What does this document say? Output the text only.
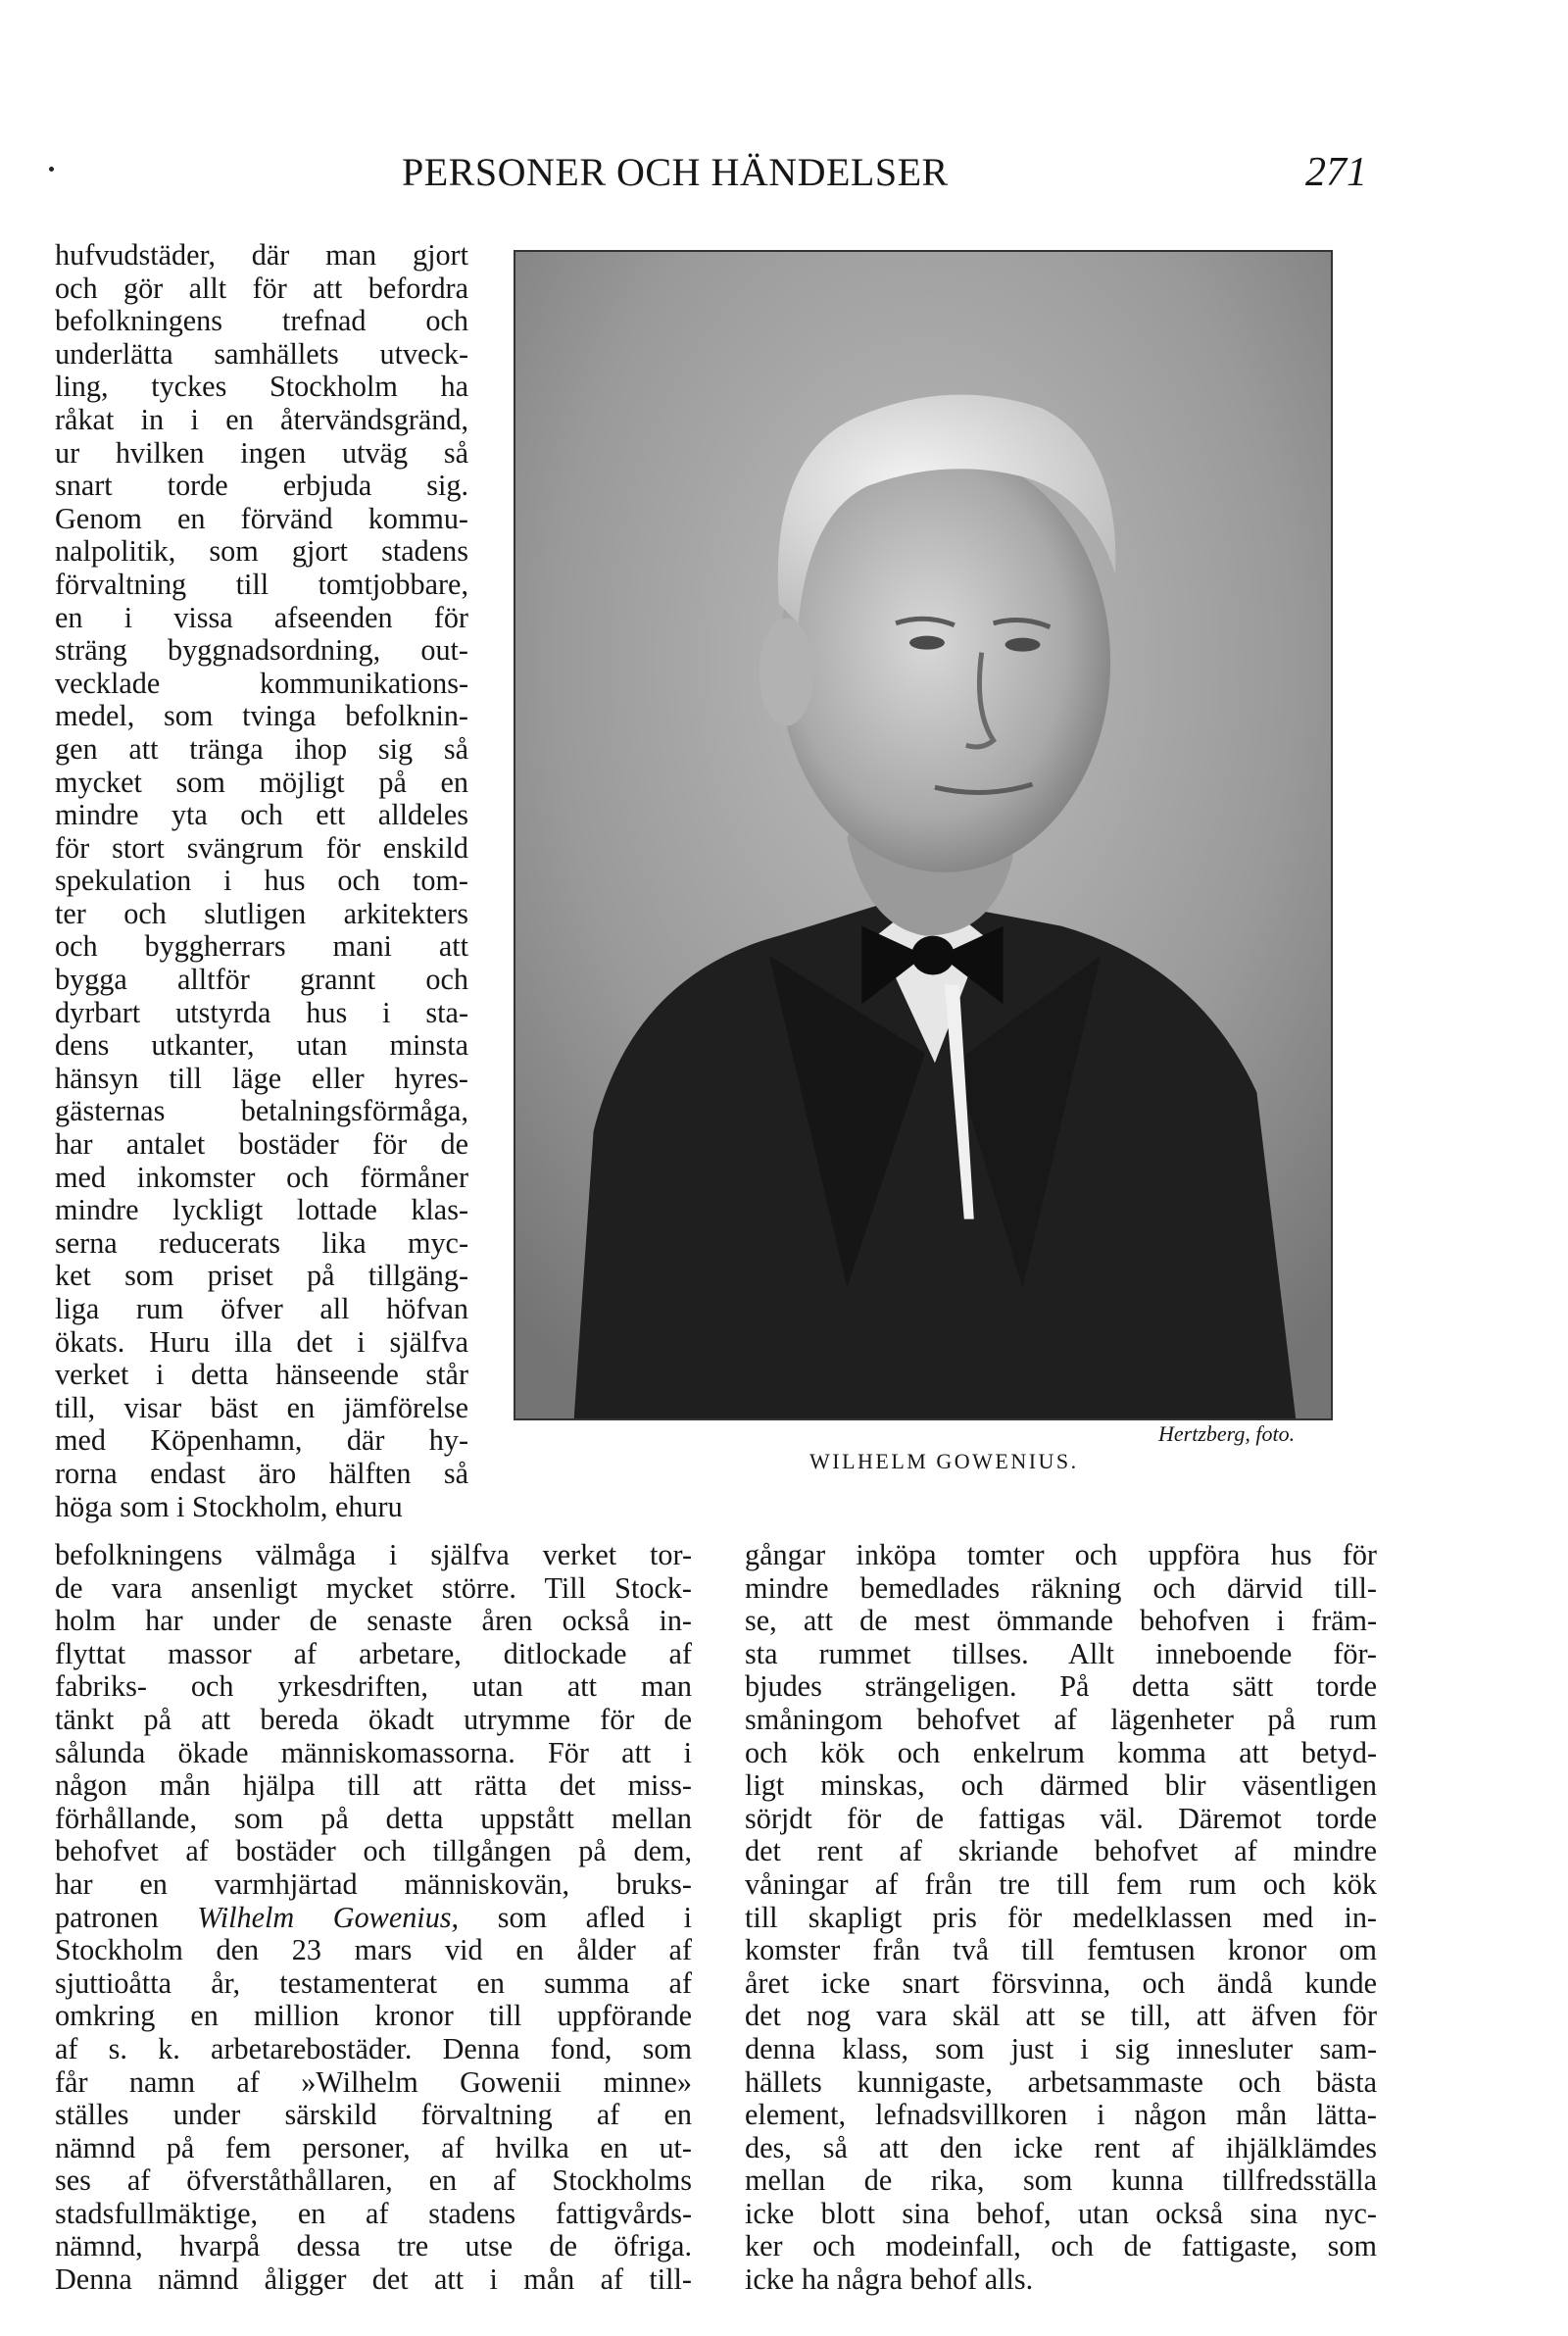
PERSONER OCH HÄNDELSER	271
hufvudstäder, där man gjort
och gör allt för att befordra
befolkningens trefnad och
underlätta samhällets utveck-
ling, tyckes Stockholm ha
råkat in i en återvändsgränd,
ur hvilken ingen utväg så
snart torde erbjuda sig.
Genom en förvänd kommu-
nalpolitik, som gjort stadens
förvaltning till tomtjobbare,
en i vissa afseenden för
sträng byggnadsordning, out-
vecklade kommunikations-
medel, som tvinga befolknin-
gen att tränga ihop sig så
mycket som möjligt på en
mindre yta och ett alldeles
för stort svängrum för enskild
spekulation i hus och tom-
ter och slutligen arkitekters
och byggherrars mani att
bygga alltför grannt och
dyrbart utstyrda hus i sta-
dens utkanter, utan minsta
hänsyn till läge eller hyres-
gästernas betalningsförmåga,
har antalet bostäder för de
med inkomster och förmåner
mindre lyckligt lottade klas-
serna reducerats lika myc-
ket som priset på tillgäng-
liga rum öfver all höfvan
ökats. Huru illa det i själfva
verket i detta hänseende står
till, visar bäst en jämförelse
med Köpenhamn, där hy-
rorna endast äro hälften så
höga som i Stockholm, ehuru
Hertzberg, foto.
WILHELM GOWENIUS.
befolkningens välmåga i själfva verket tor-
de vara ansenligt mycket större. Till Stock-
holm har under de senaste åren också in-
flyttat massor af arbetare, ditlockade af
fabriks- och yrkesdriften, utan att man
tänkt på att bereda ökadt utrymme för de
sålunda ökade människomassorna. För att i
någon mån hjälpa till att rätta det miss-
förhållande, som på detta uppstått mellan
behofvet af bostäder och tillgången på dem,
har en varmhjärtad människovän, bruks-
patronen Wilhelm Gowenius, som afled i
Stockholm den 23 mars vid en ålder af
sjuttioåtta år, testamenterat en summa af
omkring en million kronor till uppförande
af s. k. arbetarebostäder. Denna fond, som
får namn af »Wilhelm Gowenii minne»
ställes under särskild förvaltning af en
nämnd på fem personer, af hvilka en ut-
ses af öfverståthållaren, en af Stockholms
stadsfullmäktige, en af stadens fattigvårds-
nämnd, hvarpå dessa tre utse de öfriga.
Denna nämnd åligger det att i mån af till-
gångar inköpa tomter och uppföra hus för
mindre bemedlades räkning och därvid till-
se, att de mest ömmande behofven i främ-
sta rummet tillses. Allt inneboende för-
bjudes strängeligen. På detta sätt torde
småningom behofvet af lägenheter på rum
och kök och enkelrum komma att betyd-
ligt minskas, och därmed blir väsentligen
sörjdt för de fattigas väl. Däremot torde
det rent af skriande behofvet af mindre
våningar af från tre till fem rum och kök
till skapligt pris för medelklassen med in-
komster från två till femtusen kronor om
året icke snart försvinna, och ändå kunde
det nog vara skäl att se till, att äfven för
denna klass, som just i sig innesluter sam-
hällets kunnigaste, arbetsammaste och bästa
element, lefnadsvillkoren i någon mån lätta-
des, så att den icke rent af ihjälklämdes
mellan de rika, som kunna tillfredsställa
icke blott sina behof, utan också sina nyc-
ker och modeinfall, och de fattigaste, som
icke ha några behof alls.
